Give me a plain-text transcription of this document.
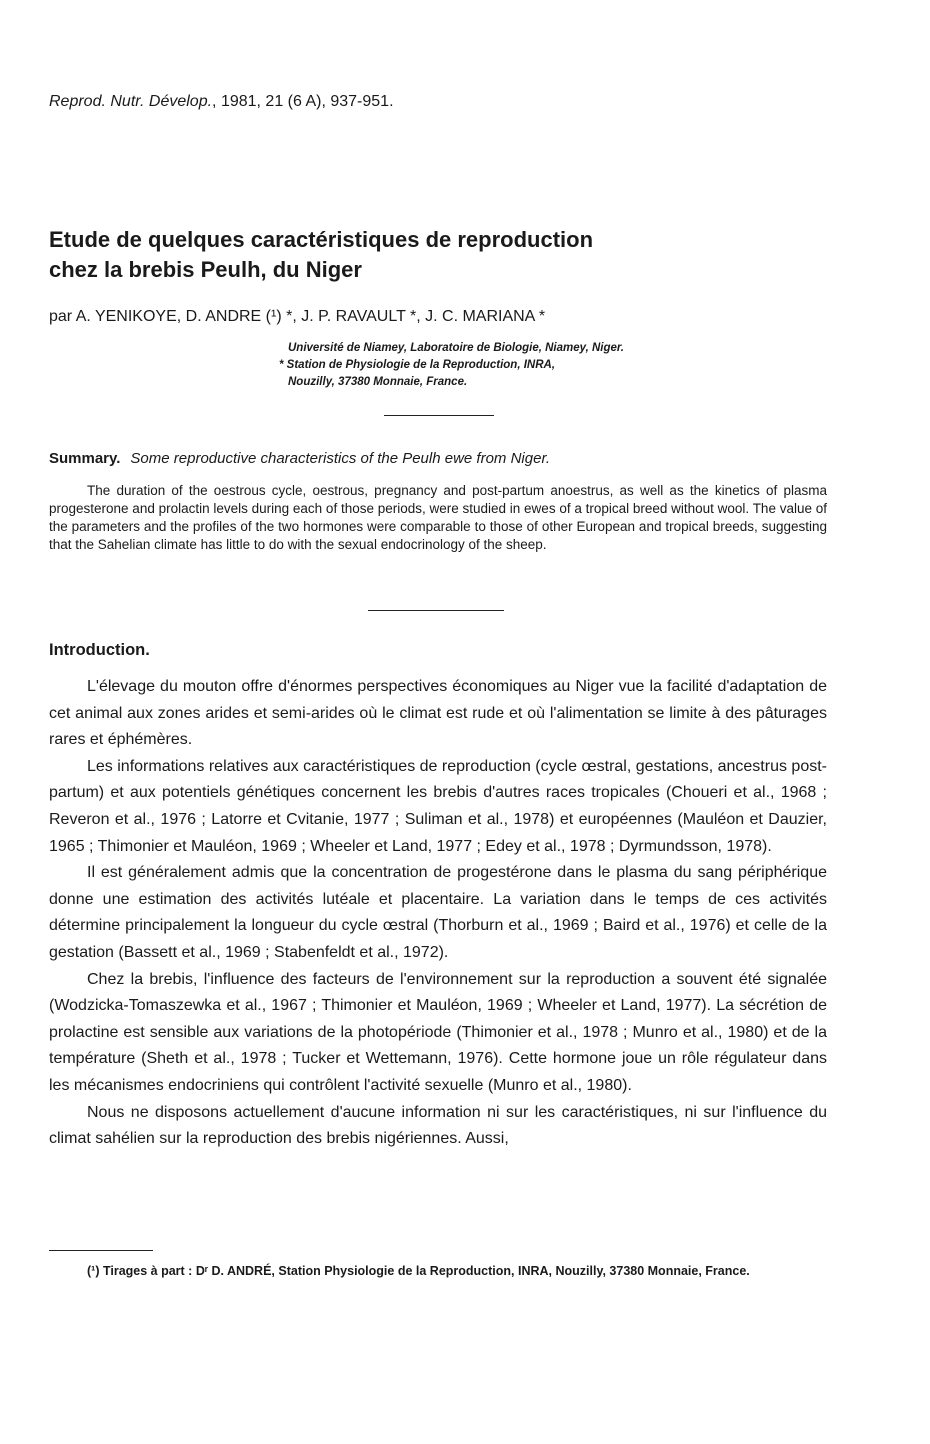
Reprod. Nutr. Dévelop., 1981, 21 (6 A), 937-951.
Etude de quelques caractéristiques de reproduction
chez la brebis Peulh, du Niger
par A. YENIKOYE, D. ANDRE (¹) *, J. P. RAVAULT *, J. C. MARIANA *
Université de Niamey, Laboratoire de Biologie, Niamey, Niger.
* Station de Physiologie de la Reproduction, INRA,
Nouzilly, 37380 Monnaie, France.
Summary. Some reproductive characteristics of the Peulh ewe from Niger.

The duration of the oestrous cycle, oestrous, pregnancy and post-partum anoestrus, as well as the kinetics of plasma progesterone and prolactin levels during each of those periods, were studied in ewes of a tropical breed without wool. The value of the parameters and the profiles of the two hormones were comparable to those of other European and tropical breeds, suggesting that the Sahelian climate has little to do with the sexual endocrinology of the sheep.

Introduction.

L'élevage du mouton offre d'énormes perspectives économiques au Niger vue la facilité d'adaptation de cet animal aux zones arides et semi-arides où le climat est rude et où l'alimentation se limite à des pâturages rares et éphémères.

Les informations relatives aux caractéristiques de reproduction (cycle œstral, gestations, ancestrus post-partum) et aux potentiels génétiques concernent les brebis d'autres races tropicales (Choueri et al., 1968 ; Reveron et al., 1976 ; Latorre et Cvitanie, 1977 ; Suliman et al., 1978) et européennes (Mauléon et Dauzier, 1965 ; Thimonier et Mauléon, 1969 ; Wheeler et Land, 1977 ; Edey et al., 1978 ; Dyrmundsson, 1978).

Il est généralement admis que la concentration de progestérone dans le plasma du sang périphérique donne une estimation des activités lutéale et placentaire. La variation dans le temps de ces activités détermine principalement la longueur du cycle œstral (Thorburn et al., 1969 ; Baird et al., 1976) et celle de la gestation (Bassett et al., 1969 ; Stabenfeldt et al., 1972).

Chez la brebis, l'influence des facteurs de l'environnement sur la reproduction a souvent été signalée (Wodzicka-Tomaszewka et al., 1967 ; Thimonier et Mauléon, 1969 ; Wheeler et Land, 1977). La sécrétion de prolactine est sensible aux variations de la photopériode (Thimonier et al., 1978 ; Munro et al., 1980) et de la température (Sheth et al., 1978 ; Tucker et Wettemann, 1976). Cette hormone joue un rôle régulateur dans les mécanismes endocriniens qui contrôlent l'activité sexuelle (Munro et al., 1980).

Nous ne disposons actuellement d'aucune information ni sur les caractéristiques, ni sur l'influence du climat sahélien sur la reproduction des brebis nigériennes. Aussi,

(¹) Tirages à part : Dʳ D. ANDRÉ, Station Physiologie de la Reproduction, INRA, Nouzilly, 37380 Monnaie, France.
